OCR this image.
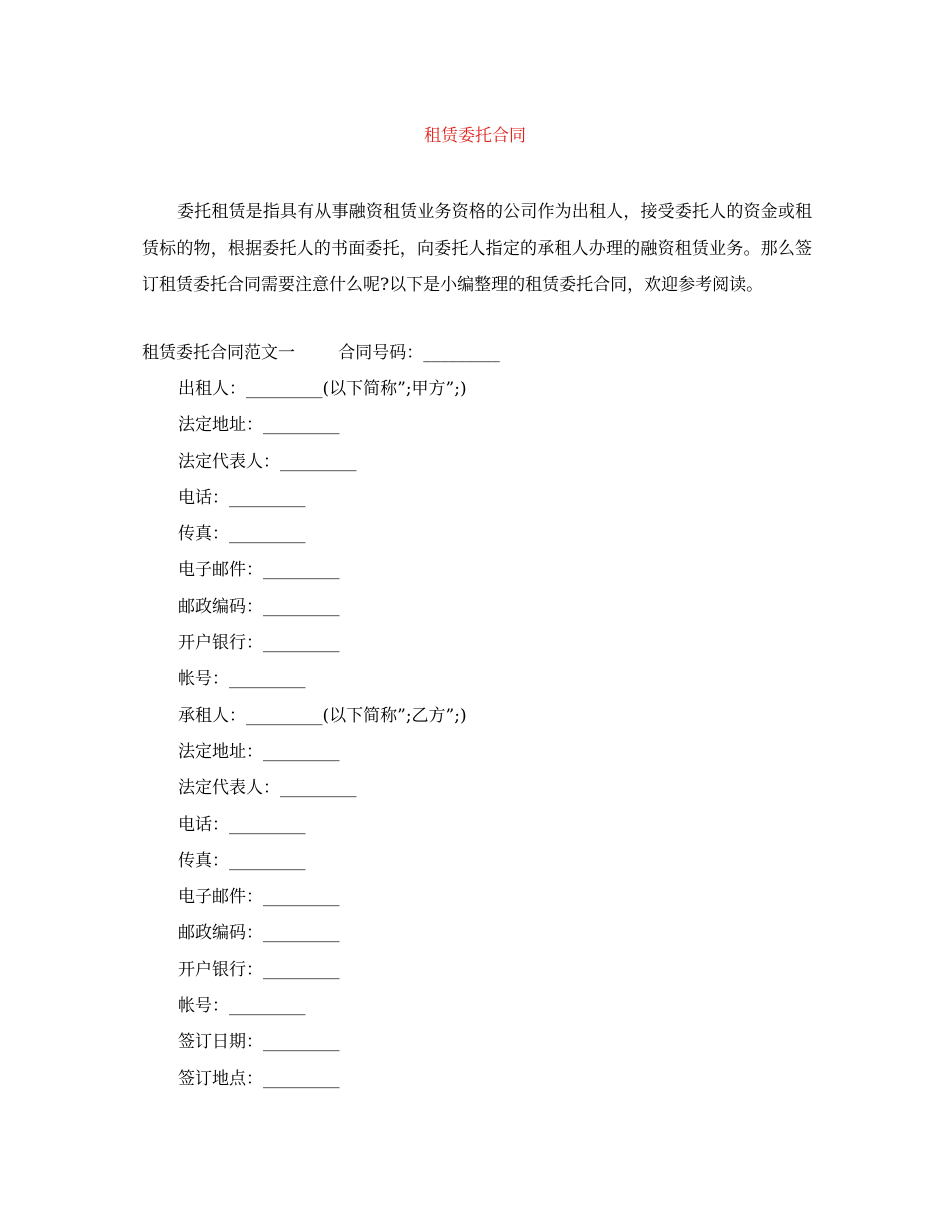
租赁委托合同

委托租赁是指具有从事融资租赁业务资格的公司作为出租人，接受委托人的资金或租赁标的物，根据委托人的书面委托，向委托人指定的承租人办理的融资租赁业务。那么签订租赁委托合同需要注意什么呢?以下是小编整理的租赁委托合同，欢迎参考阅读。

租赁委托合同范文一	合同号码：_________
出租人：_________(以下简称”;甲方”;)
法定地址：_________
法定代表人：_________
电话：_________
传真：_________
电子邮件：_________
邮政编码：_________
开户银行：_________
帐号：_________
承租人：_________(以下简称”;乙方”;)
法定地址：_________
法定代表人：_________
电话：_________
传真：_________
电子邮件：_________
邮政编码：_________
开户银行：_________
帐号：_________
签订日期：_________
签订地点：_________
